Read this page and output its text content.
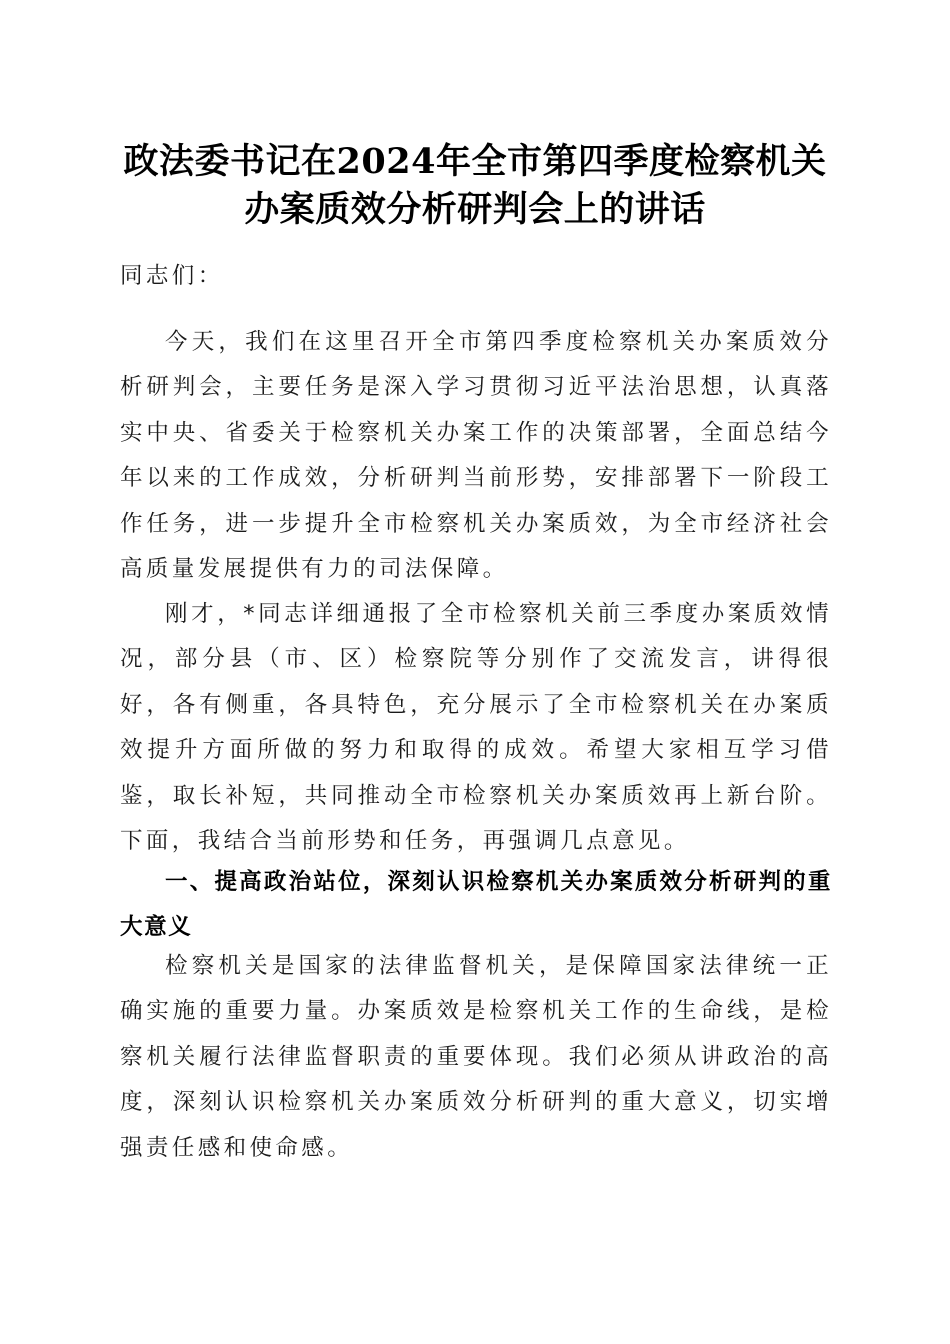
政法委书记在2024年全市第四季度检察机关
办案质效分析研判会上的讲话

同志们：

今天，我们在这里召开全市第四季度检察机关办案质效分析研判会，主要任务是深入学习贯彻习近平法治思想，认真落实中央、省委关于检察机关办案工作的决策部署，全面总结今年以来的工作成效，分析研判当前形势，安排部署下一阶段工作任务，进一步提升全市检察机关办案质效，为全市经济社会高质量发展提供有力的司法保障。

刚才，*同志详细通报了全市检察机关前三季度办案质效情况，部分县（市、区）检察院等分别作了交流发言，讲得很好，各有侧重，各具特色，充分展示了全市检察机关在办案质效提升方面所做的努力和取得的成效。希望大家相互学习借鉴，取长补短，共同推动全市检察机关办案质效再上新台阶。下面，我结合当前形势和任务，再强调几点意见。

一、提高政治站位，深刻认识检察机关办案质效分析研判的重大意义

检察机关是国家的法律监督机关，是保障国家法律统一正确实施的重要力量。办案质效是检察机关工作的生命线，是检察机关履行法律监督职责的重要体现。我们必须从讲政治的高度，深刻认识检察机关办案质效分析研判的重大意义，切实增强责任感和使命感。
